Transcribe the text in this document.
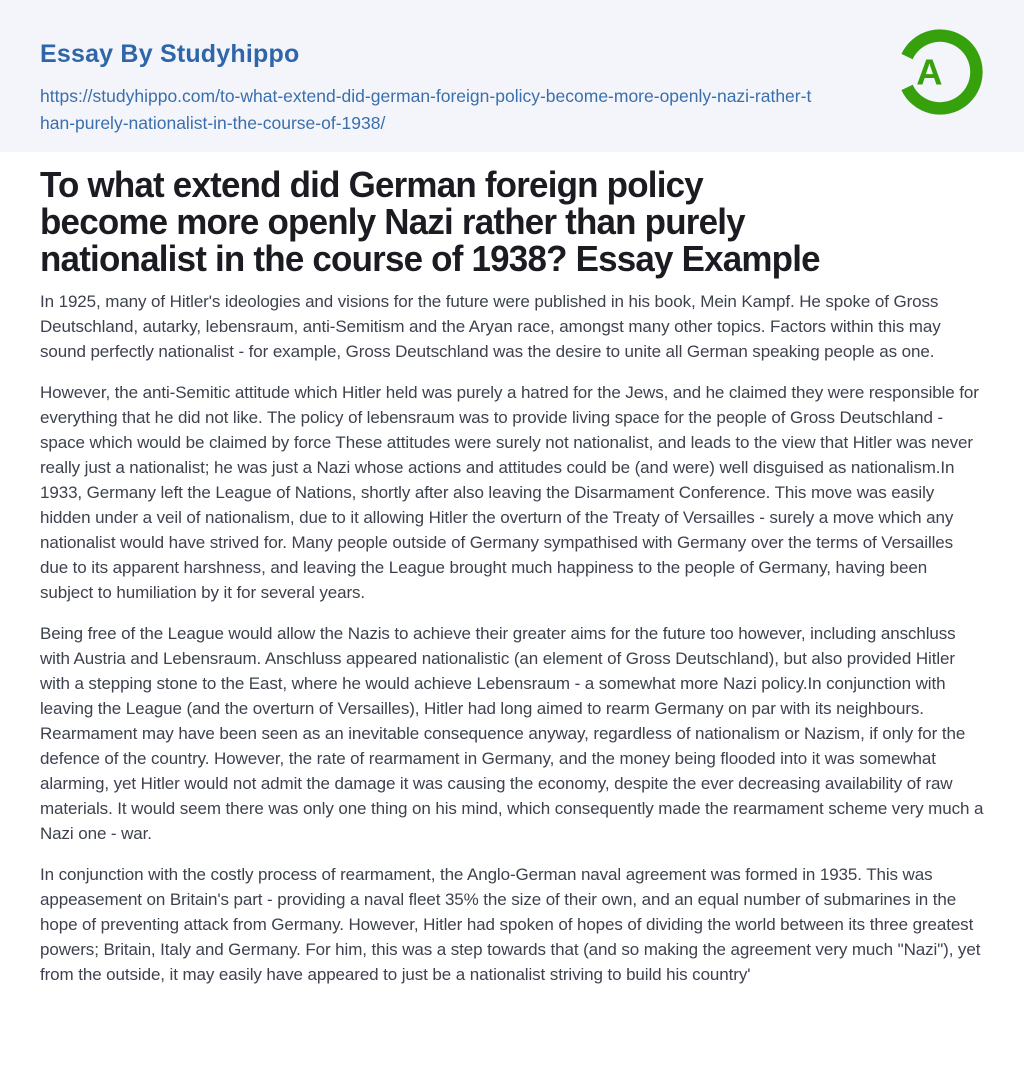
Essay By Studyhippo
https://studyhippo.com/to-what-extend-did-german-foreign-policy-become-more-openly-nazi-rather-than-purely-nationalist-in-the-course-of-1938/
A
To what extend did German foreign policy
become more openly Nazi rather than purely
nationalist in the course of 1938? Essay Example

In 1925, many of Hitler's ideologies and visions for the future were published in his book, Mein Kampf. He spoke of Gross Deutschland, autarky, lebensraum, anti-Semitism and the Aryan race, amongst many other topics. Factors within this may sound perfectly nationalist - for example, Gross Deutschland was the desire to unite all German speaking people as one.

However, the anti-Semitic attitude which Hitler held was purely a hatred for the Jews, and he claimed they were responsible for everything that he did not like. The policy of lebensraum was to provide living space for the people of Gross Deutschland - space which would be claimed by force These attitudes were surely not nationalist, and leads to the view that Hitler was never really just a nationalist; he was just a Nazi whose actions and attitudes could be (and were) well disguised as nationalism.In 1933, Germany left the League of Nations, shortly after also leaving the Disarmament Conference. This move was easily hidden under a veil of nationalism, due to it allowing Hitler the overturn of the Treaty of Versailles - surely a move which any nationalist would have strived for. Many people outside of Germany sympathised with Germany over the terms of Versailles due to its apparent harshness, and leaving the League brought much happiness to the people of Germany, having been subject to humiliation by it for several years.

Being free of the League would allow the Nazis to achieve their greater aims for the future too however, including anschluss with Austria and Lebensraum. Anschluss appeared nationalistic (an element of Gross Deutschland), but also provided Hitler with a stepping stone to the East, where he would achieve Lebensraum - a somewhat more Nazi policy.In conjunction with leaving the League (and the overturn of Versailles), Hitler had long aimed to rearm Germany on par with its neighbours. Rearmament may have been seen as an inevitable consequence anyway, regardless of nationalism or Nazism, if only for the defence of the country. However, the rate of rearmament in Germany, and the money being flooded into it was somewhat alarming, yet Hitler would not admit the damage it was causing the economy, despite the ever decreasing availability of raw materials. It would seem there was only one thing on his mind, which consequently made the rearmament scheme very much a Nazi one - war.

In conjunction with the costly process of rearmament, the Anglo-German naval agreement was formed in 1935. This was appeasement on Britain's part - providing a naval fleet 35% the size of their own, and an equal number of submarines in the hope of preventing attack from Germany. However, Hitler had spoken of hopes of dividing the world between its three greatest powers; Britain, Italy and Germany. For him, this was a step towards that (and so making the agreement very much "Nazi"), yet from the outside, it may easily have appeared to just be a nationalist striving to build his country'
